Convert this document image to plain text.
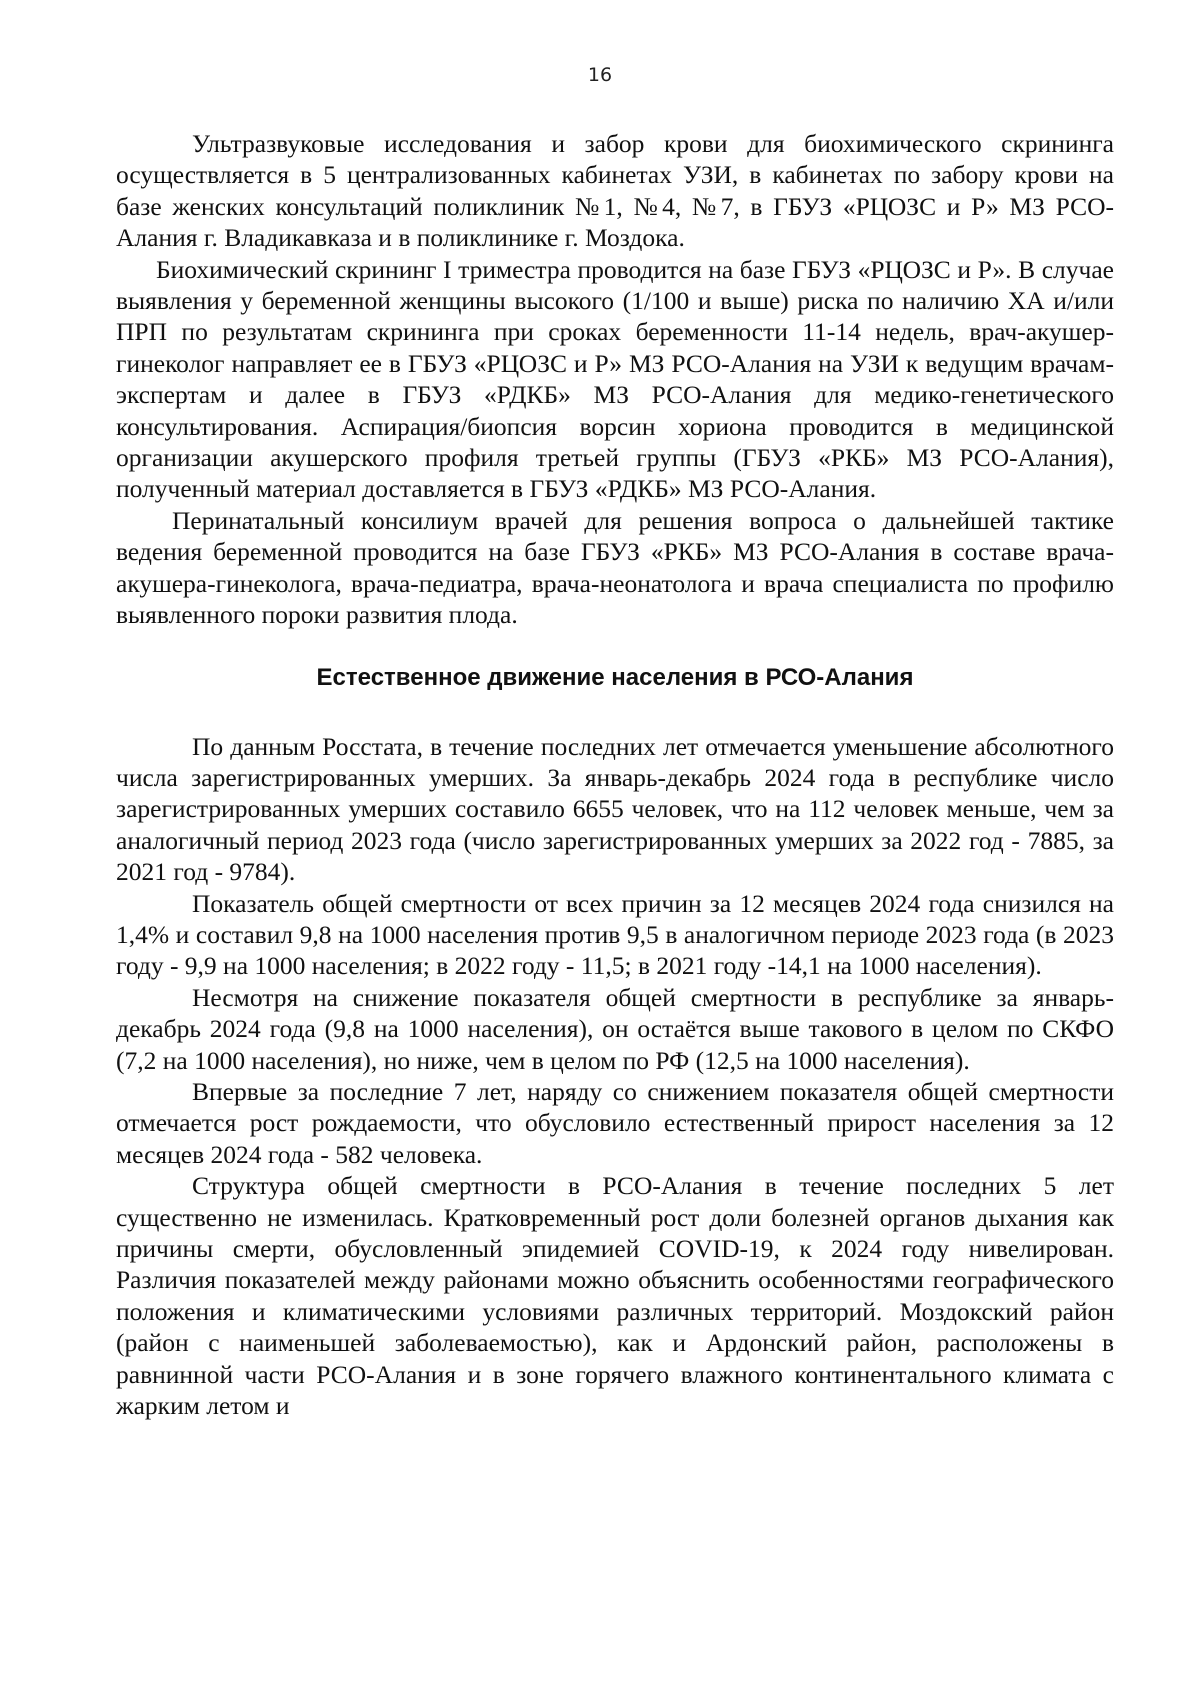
16

Ультразвуковые исследования и забор крови для биохимического скрининга осуществляется в 5 централизованных кабинетах УЗИ, в кабинетах по забору крови на базе женских консультаций поликлиник №1, №4, №7, в ГБУЗ «РЦОЗС и Р» МЗ РСО-Алания г. Владикавказа и в поликлинике г. Моздока.

Биохимический скрининг I триместра проводится на базе ГБУЗ «РЦОЗС и Р». В случае выявления у беременной женщины высокого (1/100 и выше) риска по наличию ХА и/или ПРП по результатам скрининга при сроках беременности 11-14 недель, врач-акушер-гинеколог направляет ее в ГБУЗ «РЦОЗС и Р» МЗ РСО-Алания на УЗИ к ведущим врачам-экспертам и далее в ГБУЗ «РДКБ» МЗ РСО-Алания для медико-генетического консультирования. Аспирация/биопсия ворсин хориона проводится в медицинской организации акушерского профиля третьей группы (ГБУЗ «РКБ» МЗ РСО-Алания), полученный материал доставляется в ГБУЗ «РДКБ» МЗ РСО-Алания.

Перинатальный консилиум врачей для решения вопроса о дальнейшей тактике ведения беременной проводится на базе ГБУЗ «РКБ» МЗ РСО-Алания в составе врача-акушера-гинеколога, врача-педиатра, врача-неонатолога и врача специалиста по профилю выявленного пороки развития плода.

Естественное движение населения в РСО-Алания

По данным Росстата, в течение последних лет отмечается уменьшение абсолютного числа зарегистрированных умерших. За январь-декабрь 2024 года в республике число зарегистрированных умерших составило 6655 человек, что на 112 человек меньше, чем за аналогичный период 2023 года (число зарегистрированных умерших за 2022 год - 7885, за 2021 год - 9784).

Показатель общей смертности от всех причин за 12 месяцев 2024 года снизился на 1,4% и составил 9,8 на 1000 населения против 9,5 в аналогичном периоде 2023 года (в 2023 году - 9,9 на 1000 населения; в 2022 году - 11,5; в 2021 году -14,1 на 1000 населения).

Несмотря на снижение показателя общей смертности в республике за январь-декабрь 2024 года (9,8 на 1000 населения), он остаётся выше такового в целом по СКФО (7,2 на 1000 населения), но ниже, чем в целом по РФ (12,5 на 1000 населения).

Впервые за последние 7 лет, наряду со снижением показателя общей смертности отмечается рост рождаемости, что обусловило естественный прирост населения за 12 месяцев 2024 года - 582 человека.

Структура общей смертности в РСО-Алания в течение последних 5 лет существенно не изменилась. Кратковременный рост доли болезней органов дыхания как причины смерти, обусловленный эпидемией COVID-19, к 2024 году нивелирован. Различия показателей между районами можно объяснить особенностями географического положения и климатическими условиями различных территорий. Моздокский район (район с наименьшей заболеваемостью), как и Ардонский район, расположены в равнинной части РСО-Алания и в зоне горячего влажного континентального климата с жарким летом и
